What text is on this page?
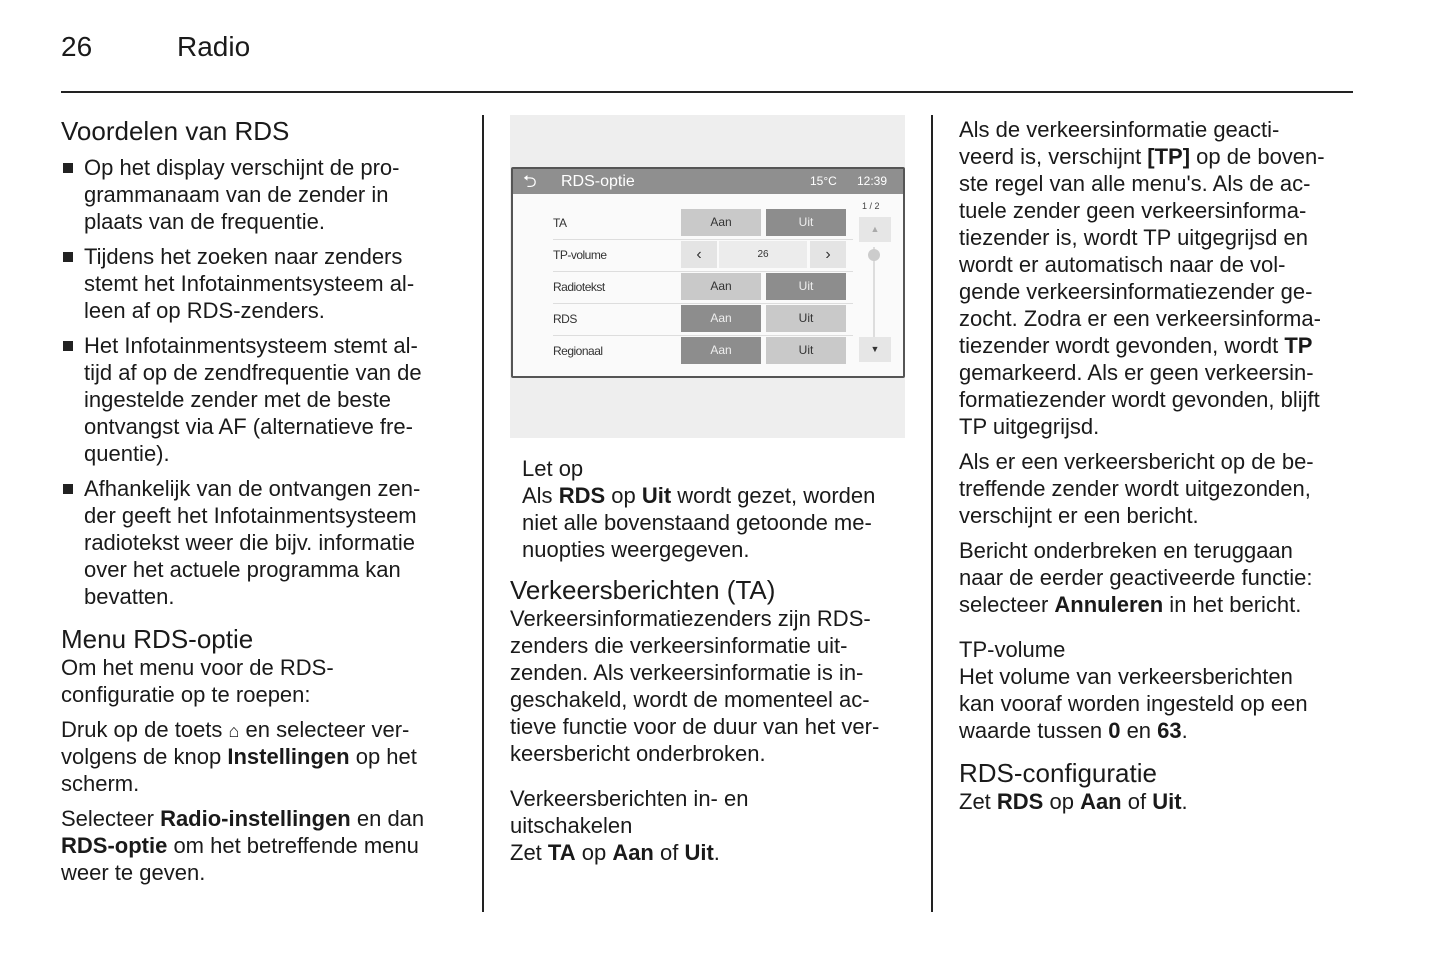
26	Radio
Voordelen van RDS
Op het display verschijnt de pro-
grammanaam van de zender in
plaats van de frequentie.
Tijdens het zoeken naar zenders
stemt het Infotainmentsysteem al-
leen af op RDS-zenders.
Het Infotainmentsysteem stemt al-
tijd af op de zendfrequentie van de
ingestelde zender met de beste
ontvangst via AF (alternatieve fre-
quentie).
Afhankelijk van de ontvangen zen-
der geeft het Infotainmentsysteem
radiotekst weer die bijv. informatie
over het actuele programma kan
bevatten.
Menu RDS-optie
Om het menu voor de RDS-
configuratie op te roepen:
Druk op de toets ⌂ en selecteer ver-
volgens de knop Instellingen op het
scherm.
Selecteer Radio-instellingen en dan
RDS-optie om het betreffende menu
weer te geven.
⮌ RDS-optie	15°C 12:39
TA	Aan	Uit
TP-volume	‹	26	›
Radiotekst	Aan	Uit
RDS	Aan	Uit
Regionaal	Aan	Uit
1 / 2
▲
▼
Let op
Als RDS op Uit wordt gezet, worden
niet alle bovenstaand getoonde me-
nuopties weergegeven.
Verkeersberichten (TA)
Verkeersinformatiezenders zijn RDS-
zenders die verkeersinformatie uit-
zenden. Als verkeersinformatie is in-
geschakeld, wordt de momenteel ac-
tieve functie voor de duur van het ver-
keersbericht onderbroken.
Verkeersberichten in- en
uitschakelen
Zet TA op Aan of Uit.
Als de verkeersinformatie geacti-
veerd is, verschijnt [TP] op de boven-
ste regel van alle menu's. Als de ac-
tuele zender geen verkeersinforma-
tiezender is, wordt TP uitgegrijsd en
wordt er automatisch naar de vol-
gende verkeersinformatiezender ge-
zocht. Zodra er een verkeersinforma-
tiezender wordt gevonden, wordt TP
gemarkeerd. Als er geen verkeersin-
formatiezender wordt gevonden, blijft
TP uitgegrijsd.
Als er een verkeersbericht op de be-
treffende zender wordt uitgezonden,
verschijnt er een bericht.
Bericht onderbreken en teruggaan
naar de eerder geactiveerde functie:
selecteer Annuleren in het bericht.
TP-volume
Het volume van verkeersberichten
kan vooraf worden ingesteld op een
waarde tussen 0 en 63.
RDS-configuratie
Zet RDS op Aan of Uit.
